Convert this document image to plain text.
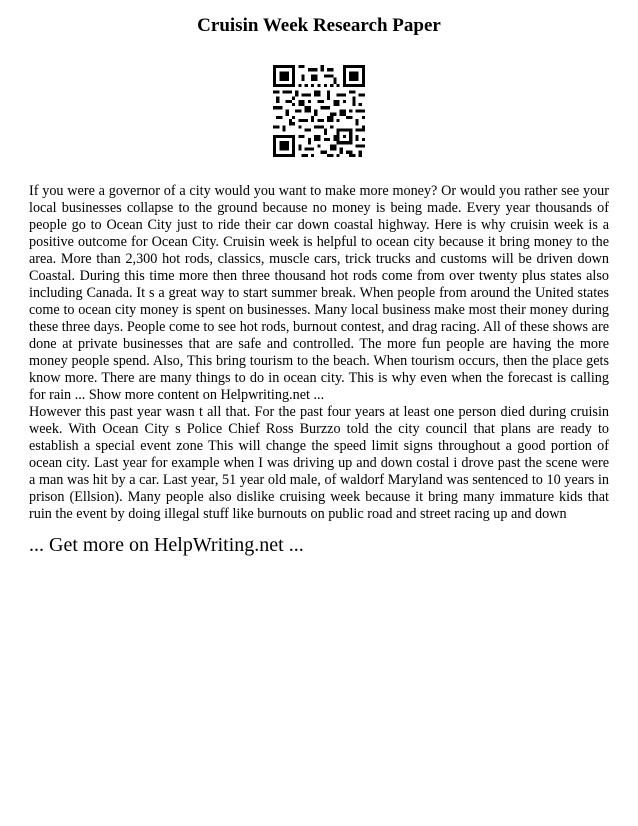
Cruisin Week Research Paper

If you were a governor of a city would you want to make more money? Or would you rather see your local businesses collapse to the ground because no money is being made. Every year thousands of people go to Ocean City just to ride their car down coastal highway. Here is why cruisin week is a positive outcome for Ocean City. Cruisin week is helpful to ocean city because it bring money to the area. More than 2,300 hot rods, classics, muscle cars, trick trucks and customs will be driven down Coastal. During this time more then three thousand hot rods come from over twenty plus states also including Canada. It s a great way to start summer break. When people from around the United states come to ocean city money is spent on businesses. Many local business make most their money during these three days. People come to see hot rods, burnout contest, and drag racing. All of these shows are done at private businesses that are safe and controlled. The more fun people are having the more money people spend. Also, This bring tourism to the beach. When tourism occurs, then the place gets know more. There are many things to do in ocean city. This is why even when the forecast is calling for rain ... Show more content on Helpwriting.net ...

However this past year wasn t all that. For the past four years at least one person died during cruisin week. With Ocean City s Police Chief Ross Burzzo told the city council that plans are ready to establish a special event zone This will change the speed limit signs throughout a good portion of ocean city. Last year for example when I was driving up and down costal i drove past the scene were a man was hit by a car. Last year, 51 year old male, of waldorf Maryland was sentenced to 10 years in prison (Ellsion). Many people also dislike cruising week because it bring many immature kids that ruin the event by doing illegal stuff like burnouts on public road and street racing up and down

... Get more on HelpWriting.net ...
